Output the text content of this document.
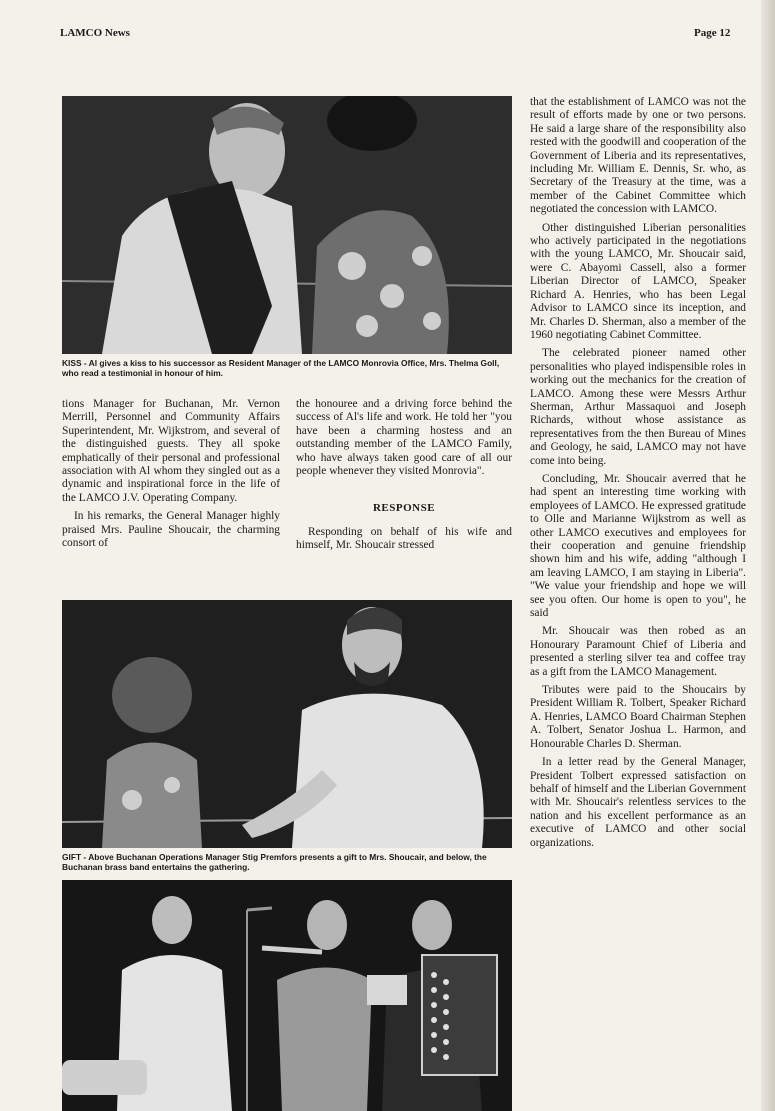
LAMCO News	Page 12
KISS - Al gives a kiss to his successor as Resident Manager of the LAMCO Monrovia Office, Mrs. Thelma Goll, who read a testimonial in honour of him.

tions Manager for Buchanan, Mr. Vernon Merrill, Personnel and Community Affairs Superintendent, Mr. Wijkstrom, and several of the distinguished guests. They all spoke emphatically of their personal and professional association with Al whom they singled out as a dynamic and inspirational force in the life of the LAMCO J.V. Operating Company.

In his remarks, the General Manager highly praised Mrs. Pauline Shoucair, the charming consort of

the honouree and a driving force behind the success of Al's life and work. He told her "you have been a charming hostess and an outstanding member of the LAMCO Family, who have always taken good care of all our people whenever they visited Monrovia".

RESPONSE

Responding on behalf of his wife and himself, Mr. Shoucair stressed

GIFT - Above Buchanan Operations Manager Stig Premfors presents a gift to Mrs. Shoucair, and below, the Buchanan brass band entertains the gathering.

that the establishment of LAMCO was not the result of efforts made by one or two persons. He said a large share of the responsibility also rested with the goodwill and cooperation of the Government of Liberia and its representatives, including Mr. William E. Dennis, Sr. who, as Secretary of the Treasury at the time, was a member of the Cabinet Committee which negotiated the concession with LAMCO.

Other distinguished Liberian personalities who actively participated in the negotiations with the young LAMCO, Mr. Shoucair said, were C. Abayomi Cassell, also a former Liberian Director of LAMCO, Speaker Richard A. Henries, who has been Legal Advisor to LAMCO since its inception, and Mr. Charles D. Sherman, also a member of the 1960 negotiating Cabinet Committee.

The celebrated pioneer named other personalities who played indispensible roles in working out the mechanics for the creation of LAMCO. Among these were Messrs Arthur Sherman, Arthur Massaquoi and Joseph Richards, without whose assistance as representatives from the then Bureau of Mines and Geology, he said, LAMCO may not have come into being.

Concluding, Mr. Shoucair averred that he had spent an interesting time working with employees of LAMCO. He expressed gratitude to Olle and Marianne Wijkstrom as well as other LAMCO executives and employees for their cooperation and genuine friendship shown him and his wife, adding "although I am leaving LAMCO, I am staying in Liberia". "We value your friendship and hope we will see you often. Our home is open to you", he said

Mr. Shoucair was then robed as an Honourary Paramount Chief of Liberia and presented a sterling silver tea and coffee tray as a gift from the LAMCO Management.

Tributes were paid to the Shoucairs by President William R. Tolbert, Speaker Richard A. Henries, LAMCO Board Chairman Stephen A. Tolbert, Senator Joshua L. Harmon, and Honourable Charles D. Sherman.

In a letter read by the General Manager, President Tolbert expressed satisfaction on behalf of himself and the Liberian Government with Mr. Shoucair's relentless services to the nation and his excellent performance as an executive of LAMCO and other social organizations.
